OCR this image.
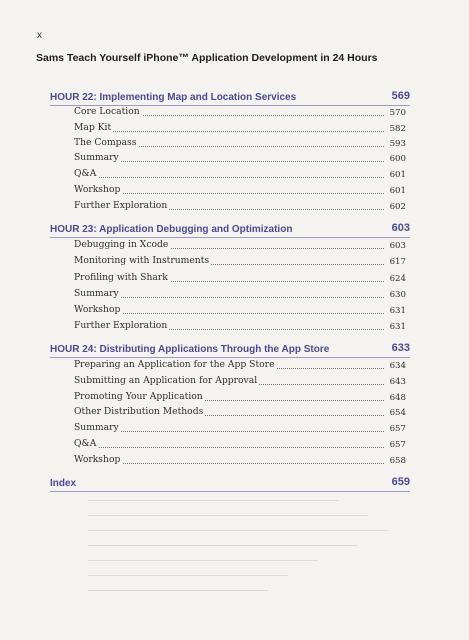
x
Sams Teach Yourself iPhone™ Application Development in 24 Hours
HOUR 22: Implementing Map and Location Services	569
Core Location	570
Map Kit	582
The Compass	593
Summary	600
Q&A	601
Workshop	601
Further Exploration	602
HOUR 23: Application Debugging and Optimization	603
Debugging in Xcode	603
Monitoring with Instruments	617
Profiling with Shark	624
Summary	630
Workshop	631
Further Exploration	631
HOUR 24: Distributing Applications Through the App Store	633
Preparing an Application for the App Store	634
Submitting an Application for Approval	643
Promoting Your Application	648
Other Distribution Methods	654
Summary	657
Q&A	657
Workshop	658
Index	659
